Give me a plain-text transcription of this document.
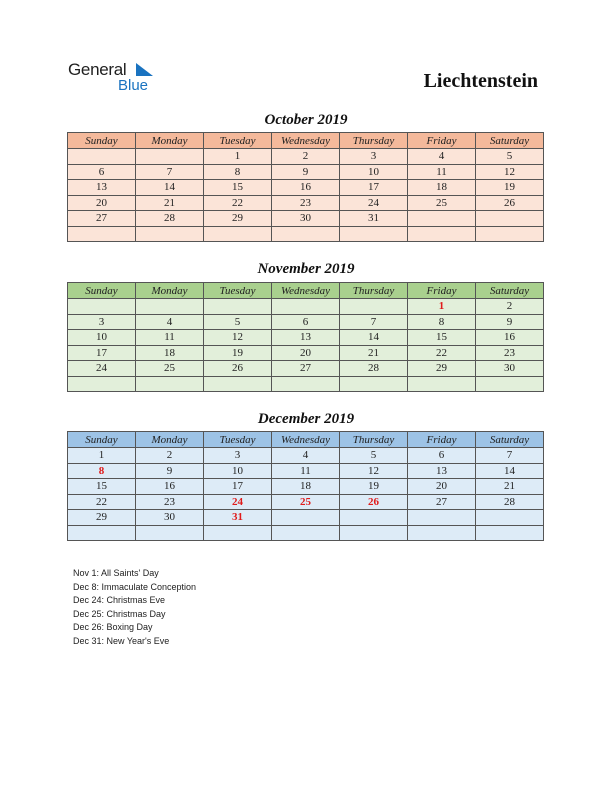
General
Blue	Liechtenstein
October 2019
Sunday	Monday	Tuesday	Wednesday	Thursday	Friday	Saturday
		1	2	3	4	5
6	7	8	9	10	11	12
13	14	15	16	17	18	19
20	21	22	23	24	25	26
27	28	29	30	31		

November 2019
Sunday	Monday	Tuesday	Wednesday	Thursday	Friday	Saturday
					1	2
3	4	5	6	7	8	9
10	11	12	13	14	15	16
17	18	19	20	21	22	23
24	25	26	27	28	29	30

December 2019
Sunday	Monday	Tuesday	Wednesday	Thursday	Friday	Saturday
1	2	3	4	5	6	7
8	9	10	11	12	13	14
15	16	17	18	19	20	21
22	23	24	25	26	27	28
29	30	31				

Nov 1: All Saints' Day
Dec 8: Immaculate Conception
Dec 24: Christmas Eve
Dec 25: Christmas Day
Dec 26: Boxing Day
Dec 31: New Year's Eve
